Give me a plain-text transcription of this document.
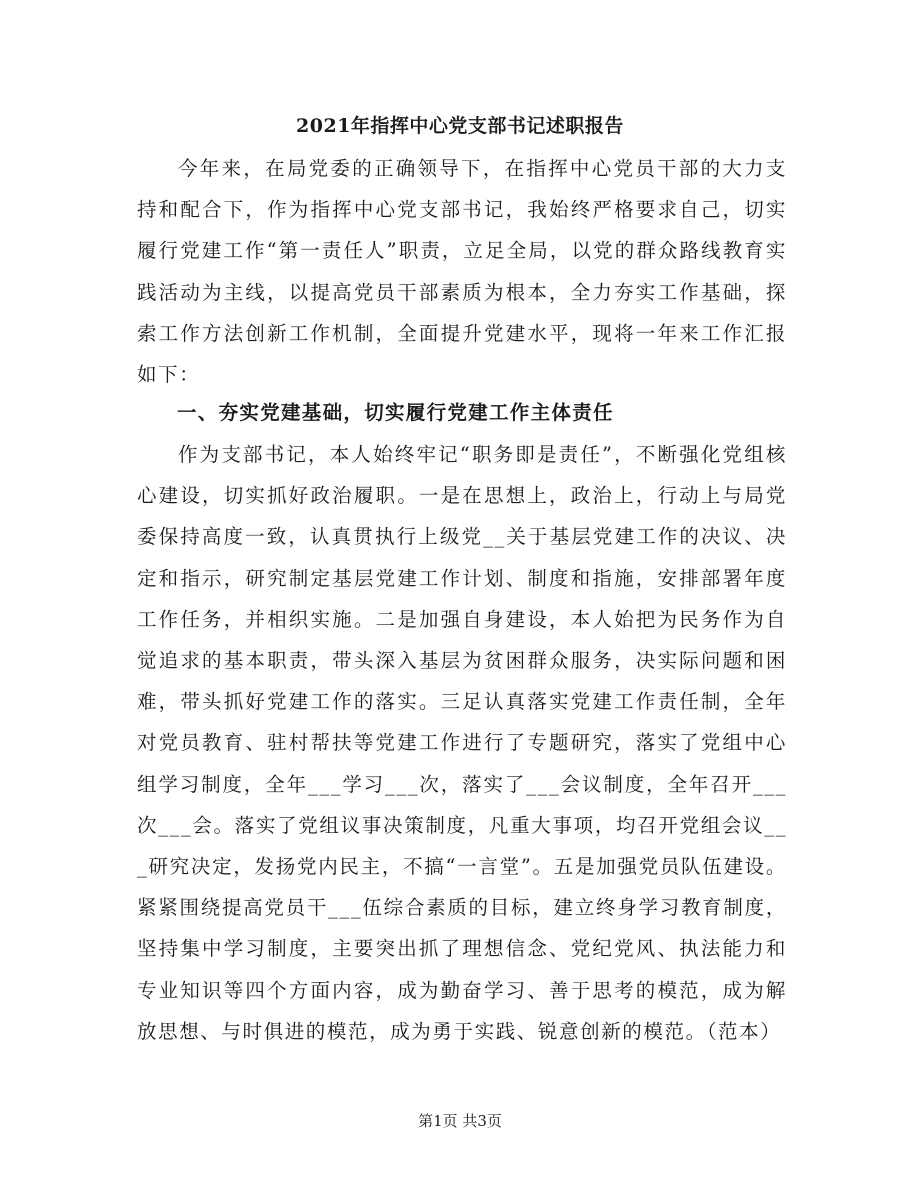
2021年指挥中心党支部书记述职报告
今年来，在局党委的正确领导下，在指挥中心党员干部的大力支持和配合下，作为指挥中心党支部书记，我始终严格要求自己，切实履行党建工作“第一责任人”职责，立足全局，以党的群众路线教育实践活动为主线，以提高党员干部素质为根本，全力夯实工作基础，探索工作方法创新工作机制，全面提升党建水平，现将一年来工作汇报如下：
一、夯实党建基础，切实履行党建工作主体责任
作为支部书记，本人始终牢记“职务即是责任”，不断强化党组核心建设，切实抓好政治履职。一是在思想上，政治上，行动上与局党委保持高度一致，认真贯执行上级党__关于基层党建工作的决议、决定和指示，研究制定基层党建工作计划、制度和指施，安排部署年度工作任务，并相织实施。二是加强自身建设，本人始把为民务作为自觉追求的基本职责，带头深入基层为贫困群众服务，决实际问题和困难，带头抓好党建工作的落实。三足认真落实党建工作责任制，全年对党员教育、驻村帮扶等党建工作进行了专题研究，落实了党组中心组学习制度，全年___学习___次，落实了___会议制度，全年召开___次___会。落实了党组议事决策制度，凡重大事项，均召开党组会议___研究决定，发扬党内民主，不搞“一言堂”。五是加强党员队伍建设。紧紧围绕提高党员干___伍综合素质的目标，建立终身学习教育制度，坚持集中学习制度，主要突出抓了理想信念、党纪党风、执法能力和专业知识等四个方面内容，成为勤奋学习、善于思考的模范，成为解放思想、与时俱进的模范，成为勇于实践、锐意创新的模范。（范本）
第1页 共3页
